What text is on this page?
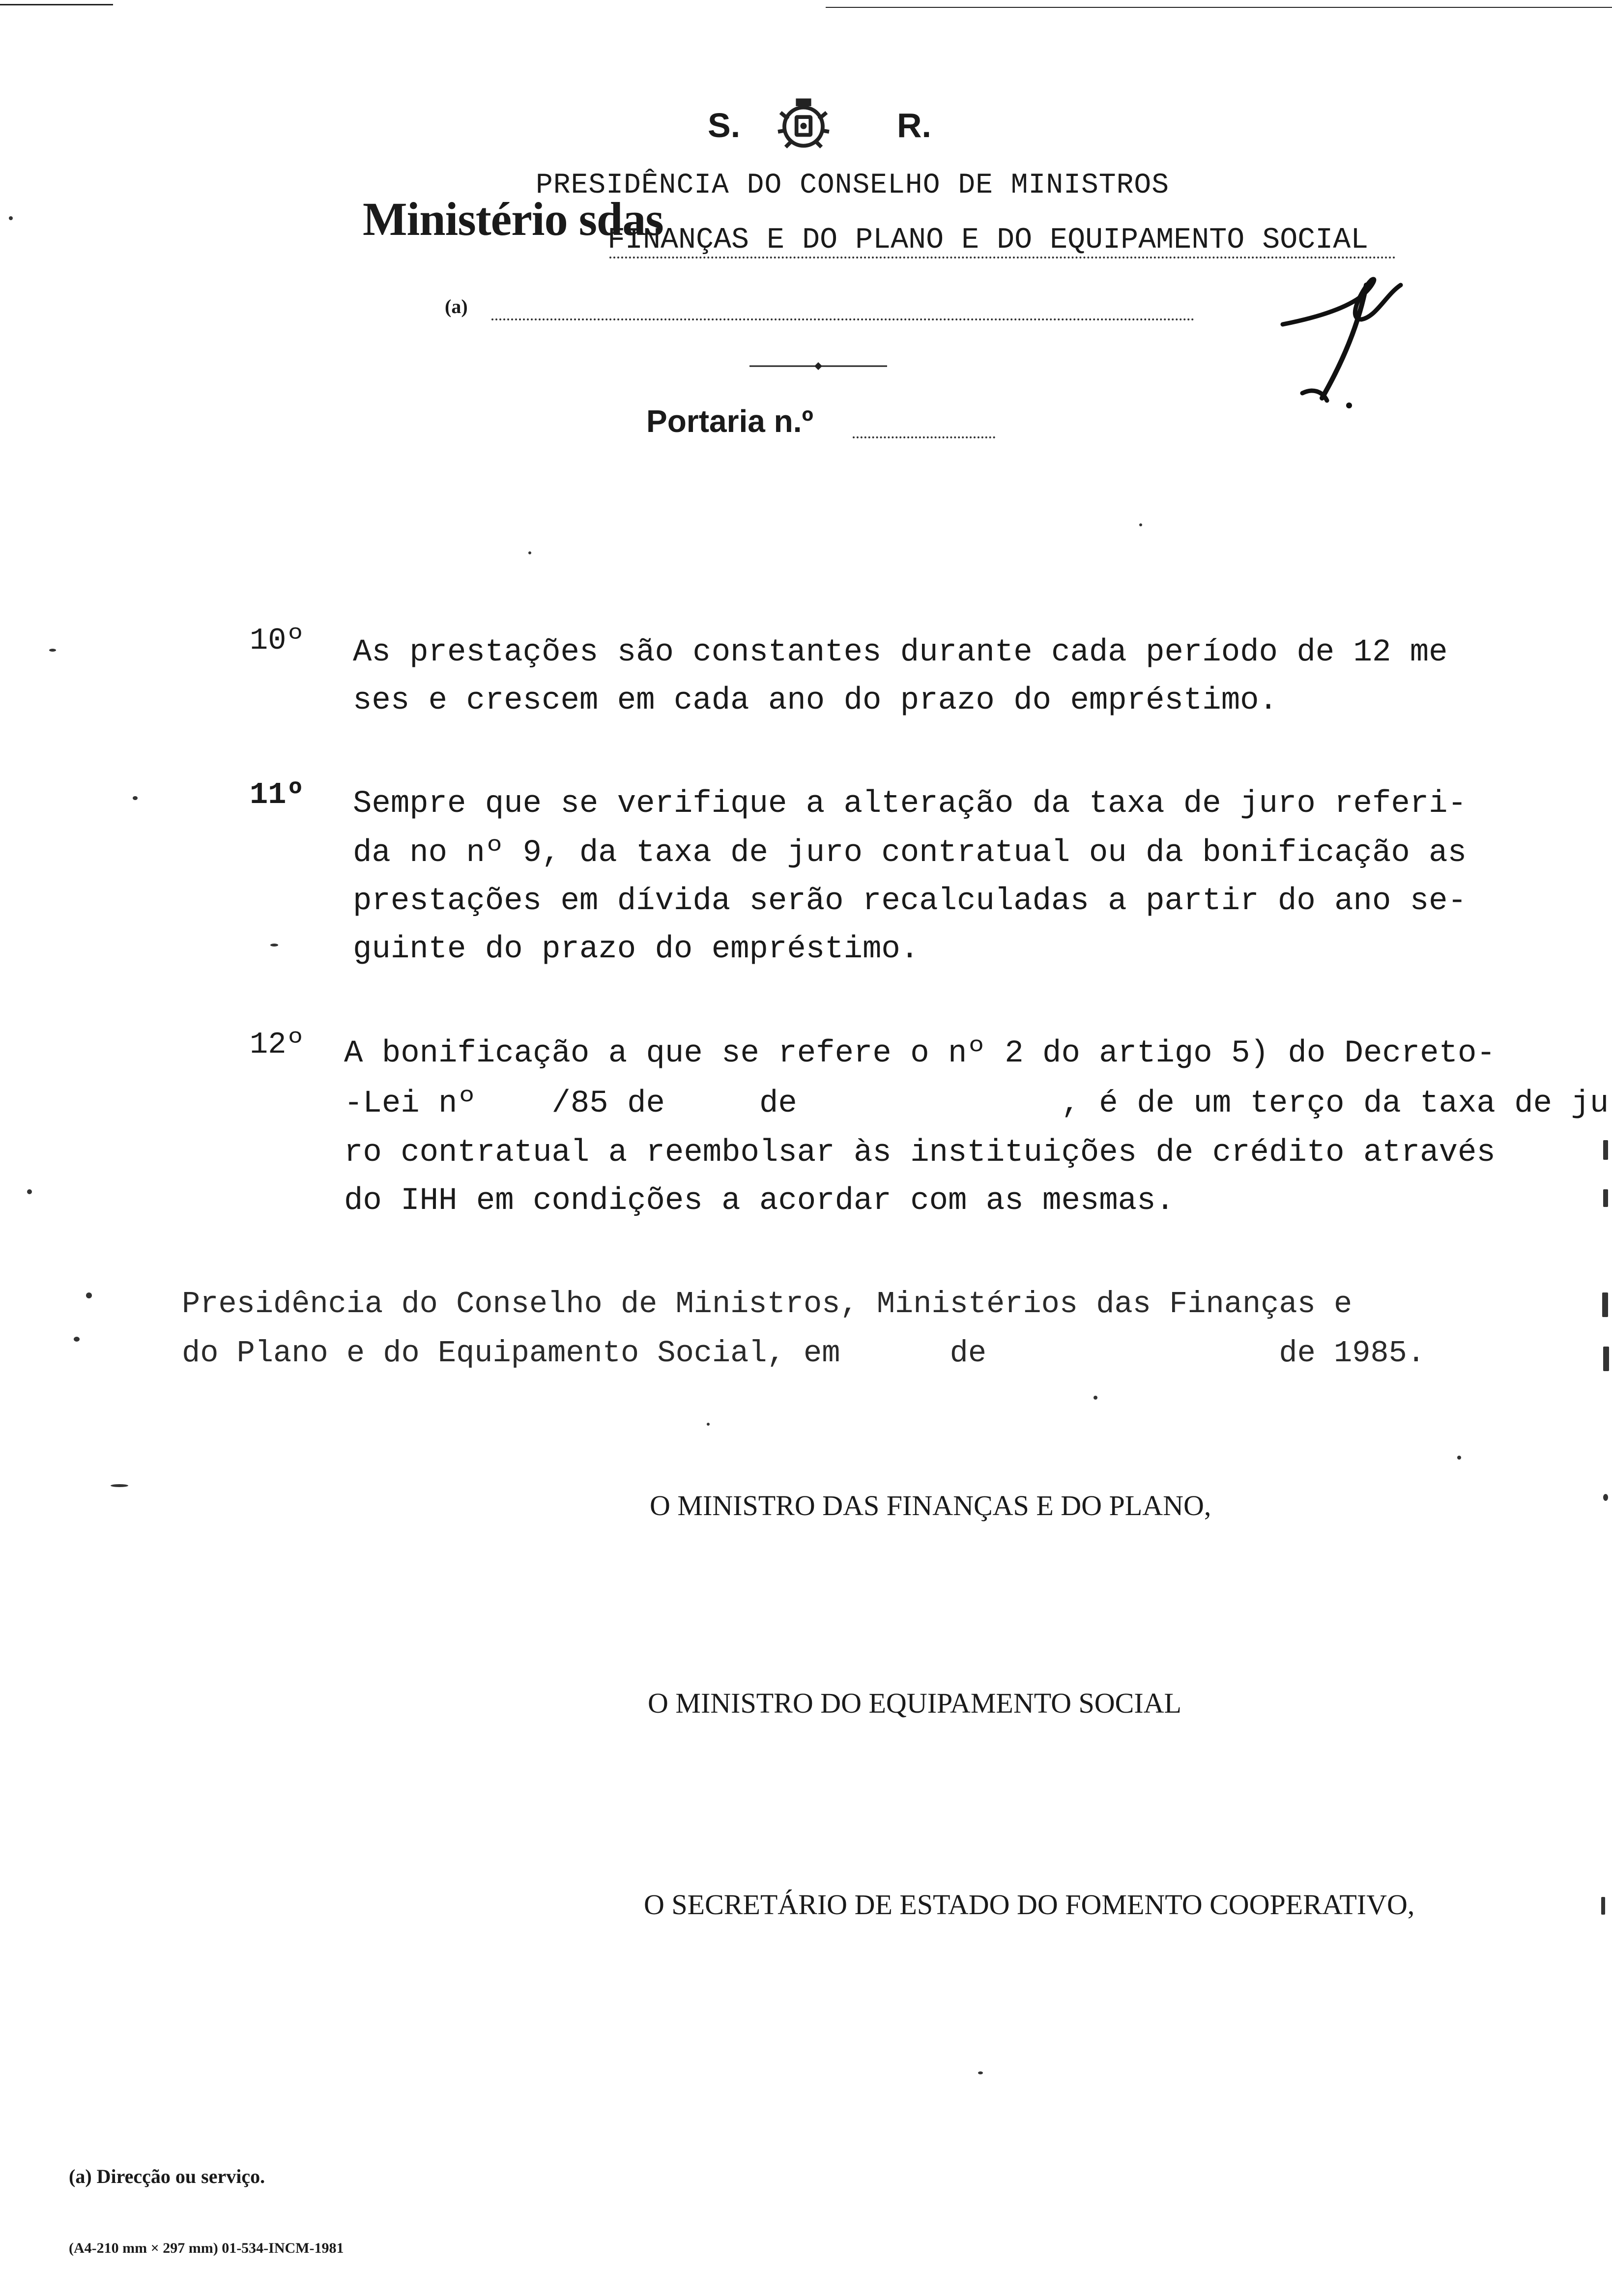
S.	R.
PRESIDÊNCIA DO CONSELHO DE MINISTROS
Ministério sdas
FINANÇAS E DO PLANO E DO EQUIPAMENTO SOCIAL
(a)
Portaria n.º
10º As prestações são constantes durante cada período de 12 me
ses e crescem em cada ano do prazo do empréstimo.
11º Sempre que se verifique a alteração da taxa de juro referi-
da no nº 9, da taxa de juro contratual ou da bonificação as
prestações em dívida serão recalculadas a partir do ano se-
guinte do prazo do empréstimo.
12º A bonificação a que se refere o nº 2 do artigo 5) do Decreto-
-Lei nº    /85 de     de              , é de um terço da taxa de ju
ro contratual a reembolsar às instituições de crédito através
do IHH em condições a acordar com as mesmas.
Presidência do Conselho de Ministros, Ministérios das Finanças e
do Plano e do Equipamento Social, em      de                de 1985.
O MINISTRO DAS FINANÇAS E DO PLANO,
O MINISTRO DO EQUIPAMENTO SOCIAL
O SECRETÁRIO DE ESTADO DO FOMENTO COOPERATIVO,
(a) Direcção ou serviço.
(A4-210 mm × 297 mm) 01-534-INCM-1981
